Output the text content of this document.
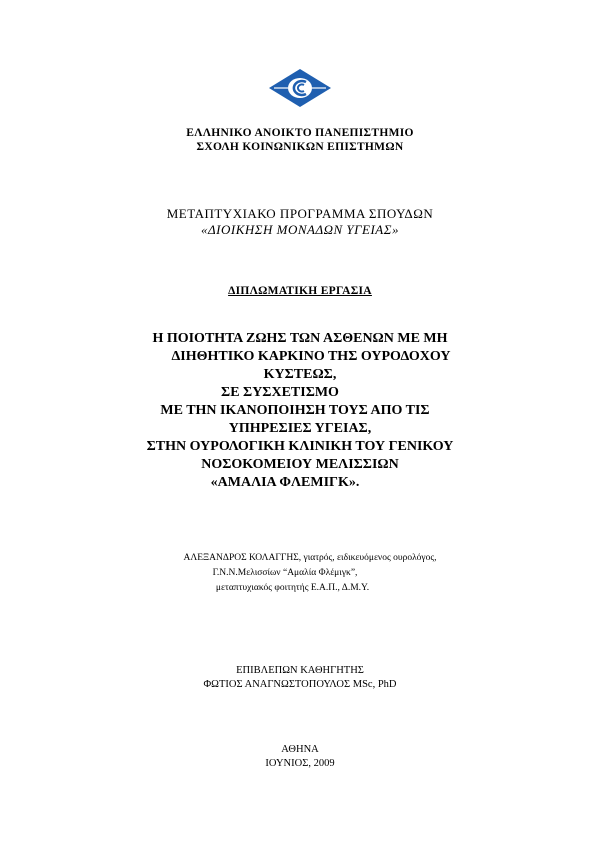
ΕΛΛΗΝΙΚΟ ΑΝΟΙΚΤΟ ΠΑΝΕΠΙΣΤΗΜΙΟ
ΣΧΟΛΗ ΚΟΙΝΩΝΙΚΩΝ ΕΠΙΣΤΗΜΩΝ
ΜΕΤΑΠΤΥΧΙΑΚΟ ΠΡΟΓΡΑΜΜΑ ΣΠΟΥΔΩΝ
«ΔΙΟΙΚΗΣΗ ΜΟΝΑΔΩΝ ΥΓΕΙΑΣ»
ΔΙΠΛΩΜΑΤΙΚΗ ΕΡΓΑΣΙΑ
Η ΠΟΙΟΤΗΤΑ ΖΩΗΣ ΤΩΝ ΑΣΘΕΝΩΝ ΜΕ ΜΗ
ΔΙΗΘΗΤΙΚΟ ΚΑΡΚΙΝΟ ΤΗΣ ΟΥΡΟΔΟΧΟΥ
ΚΥΣΤΕΩΣ,
ΣΕ ΣΥΣΧΕΤΙΣΜΟ
ΜΕ ΤΗΝ ΙΚΑΝΟΠΟΙΗΣΗ ΤΟΥΣ ΑΠΟ ΤΙΣ
ΥΠΗΡΕΣΙΕΣ ΥΓΕΙΑΣ,
ΣΤΗΝ ΟΥΡΟΛΟΓΙΚΗ ΚΛΙΝΙΚΗ ΤΟΥ ΓΕΝΙΚΟΥ
ΝΟΣΟΚΟΜΕΙΟΥ ΜΕΛΙΣΣΙΩΝ
«ΑΜΑΛΙΑ ΦΛΕΜΙΓΚ».
ΑΛΕΞΑΝΔΡΟΣ ΚΟΛΑΓΓΗΣ, γιατρός, ειδικευόμενος ουρολόγος,
Γ.Ν.Ν.Μελισσίων “Αμαλία Φλέμιγκ”,
μεταπτυχιακός φοιτητής Ε.Α.Π., Δ.Μ.Υ.
ΕΠΙΒΛΕΠΩΝ ΚΑΘΗΓΗΤΗΣ
ΦΩΤΙΟΣ ΑΝΑΓΝΩΣΤΟΠΟΥΛΟΣ MSc, PhD
ΑΘΗΝΑ
ΙΟΥΝΙΟΣ, 2009
